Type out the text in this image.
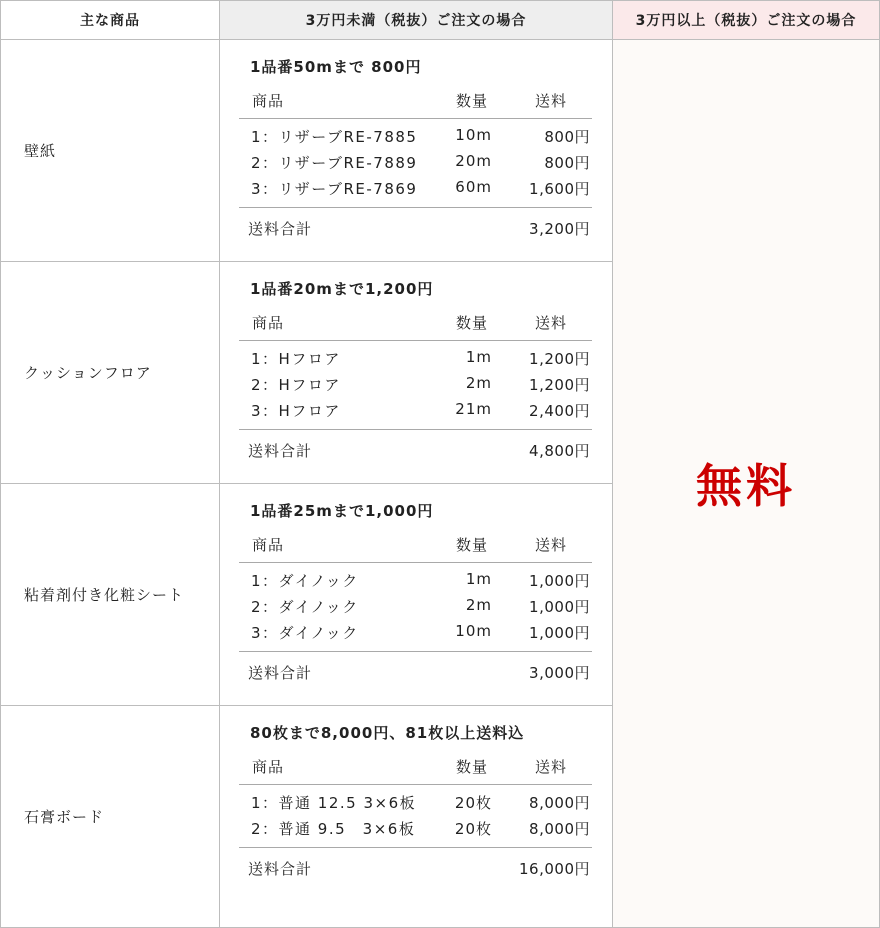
主な商品	3万円未満（税抜）ご注文の場合	3万円以上（税抜）ご注文の場合
壁紙
1品番50mまで 800円
商品	数量	送料
1：リザーブRE-7885	10m	800円
2：リザーブRE-7889	20m	800円
3：リザーブRE-7869	60m 1,600円
送料合計	3,200円
クッションフロア
1品番20mまで1,200円
商品	数量	送料
1：Hフロア	1m 1,200円
2：Hフロア	2m 1,200円
3：Hフロア	21m 2,400円
送料合計	4,800円
粘着剤付き化粧シート
1品番25mまで1,000円
商品	数量	送料
1：ダイノック	1m 1,000円
2：ダイノック	2m 1,000円
3：ダイノック	10m 1,000円
送料合計	3,000円
石膏ボード
80枚まで8,000円、81枚以上送料込
商品	数量	送料
1：普通 12.5 3×6板	20枚 8,000円
2：普通 9.5　3×6板	20枚 8,000円
送料合計	16,000円
無料
